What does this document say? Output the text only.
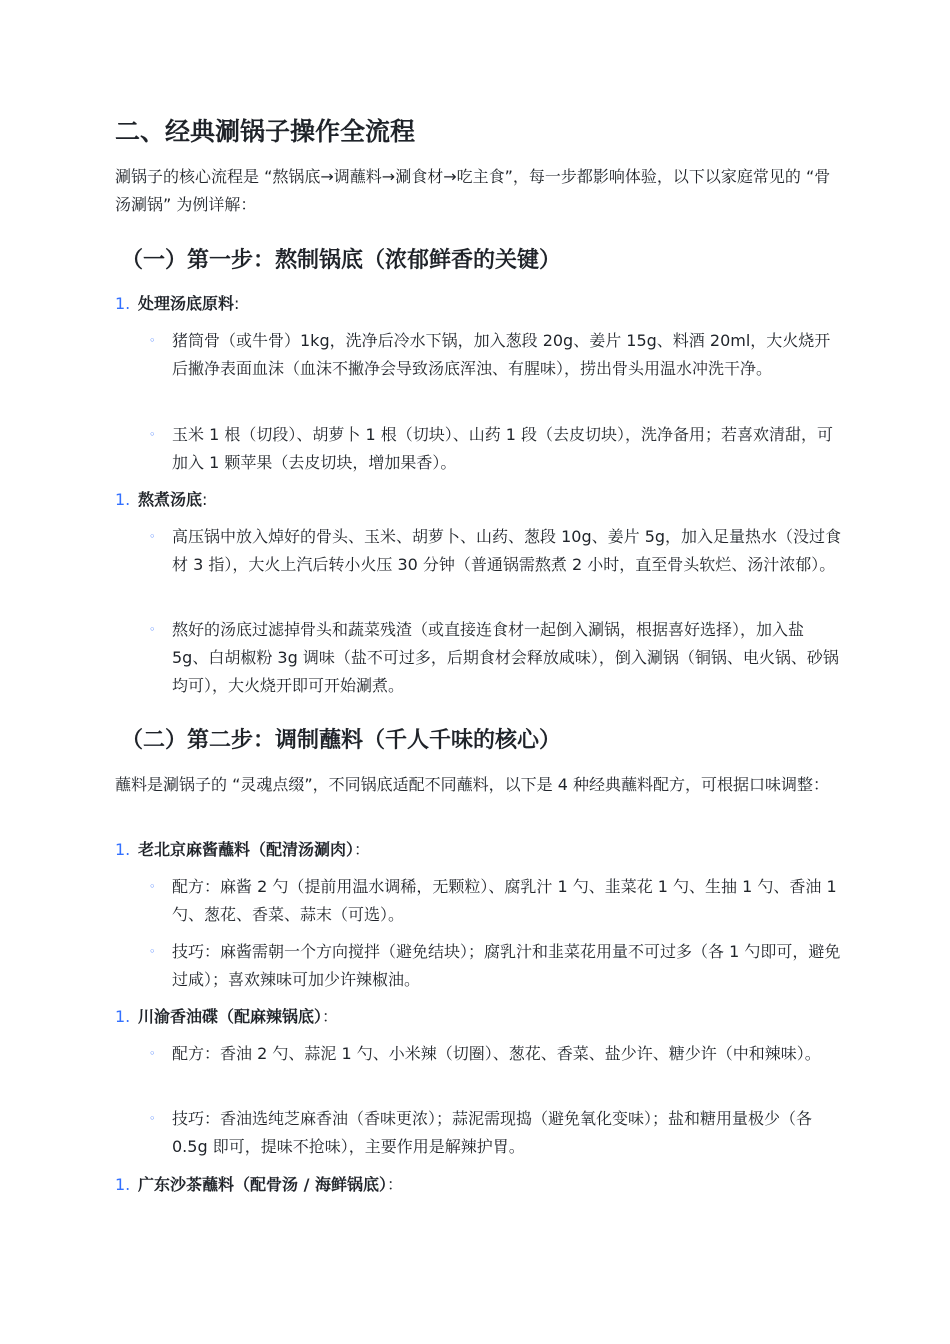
二、经典涮锅子操作全流程

涮锅子的核心流程是 “熬锅底→调蘸料→涮食材→吃主食”，每一步都影响体验，以下以家庭常见的 “骨汤涮锅” 为例详解：

（一）第一步：熬制锅底（浓郁鲜香的关键）
1. 处理汤底原料:
◦ 猪筒骨（或牛骨）1kg，洗净后冷水下锅，加入葱段 20g、姜片 15g、料酒 20ml，大火烧开后撇净表面血沫（血沫不撇净会导致汤底浑浊、有腥味），捞出骨头用温水冲洗干净。
◦ 玉米 1 根（切段）、胡萝卜 1 根（切块）、山药 1 段（去皮切块），洗净备用；若喜欢清甜，可加入 1 颗苹果（去皮切块，增加果香）。
1. 熬煮汤底:
◦ 高压锅中放入焯好的骨头、玉米、胡萝卜、山药、葱段 10g、姜片 5g，加入足量热水（没过食材 3 指），大火上汽后转小火压 30 分钟（普通锅需熬煮 2 小时，直至骨头软烂、汤汁浓郁）。
◦ 熬好的汤底过滤掉骨头和蔬菜残渣（或直接连食材一起倒入涮锅，根据喜好选择），加入盐 5g、白胡椒粉 3g 调味（盐不可过多，后期食材会释放咸味），倒入涮锅（铜锅、电火锅、砂锅均可），大火烧开即可开始涮煮。
（二）第二步：调制蘸料（千人千味的核心）

蘸料是涮锅子的 “灵魂点缀”，不同锅底适配不同蘸料，以下是 4 种经典蘸料配方，可根据口味调整：

1. 老北京麻酱蘸料（配清汤涮肉）：
◦ 配方：麻酱 2 勺（提前用温水调稀，无颗粒）、腐乳汁 1 勺、韭菜花 1 勺、生抽 1 勺、香油 1 勺、葱花、香菜、蒜末（可选）。
◦ 技巧：麻酱需朝一个方向搅拌（避免结块）；腐乳汁和韭菜花用量不可过多（各 1 勺即可，避免过咸）；喜欢辣味可加少许辣椒油。
1. 川渝香油碟（配麻辣锅底）：
◦ 配方：香油 2 勺、蒜泥 1 勺、小米辣（切圈）、葱花、香菜、盐少许、糖少许（中和辣味）。
◦ 技巧：香油选纯芝麻香油（香味更浓）；蒜泥需现捣（避免氧化变味）；盐和糖用量极少（各 0.5g 即可，提味不抢味），主要作用是解辣护胃。
1. 广东沙茶蘸料（配骨汤 / 海鲜锅底）：
